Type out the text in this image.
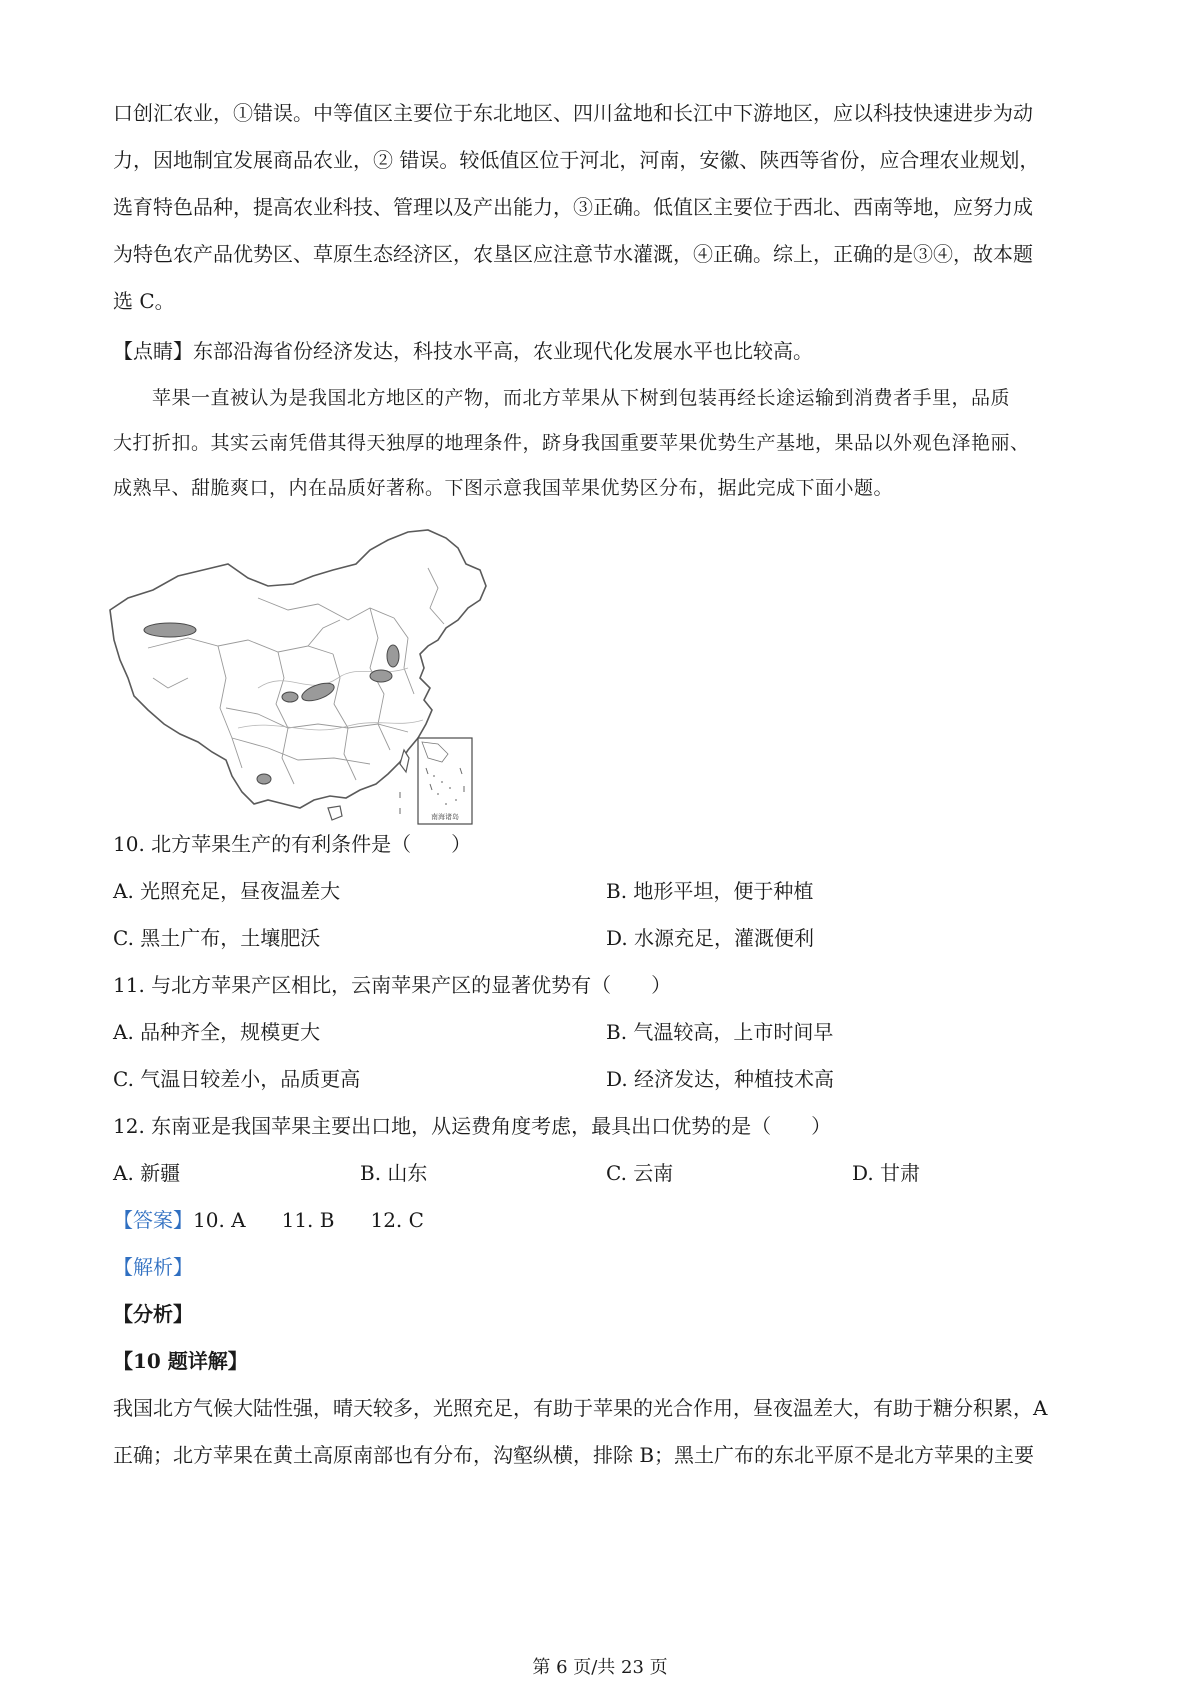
口创汇农业，①错误。中等值区主要位于东北地区、四川盆地和长江中下游地区，应以科技快速进步为动
力，因地制宜发展商品农业，② 错误。较低值区位于河北，河南，安徽、陕西等省份，应合理农业规划，
选育特色品种，提高农业科技、管理以及产出能力，③正确。低值区主要位于西北、西南等地，应努力成
为特色农产品优势区、草原生态经济区，农垦区应注意节水灌溉，④正确。综上，正确的是③④，故本题
选 C。
【点睛】东部沿海省份经济发达，科技水平高，农业现代化发展水平也比较高。
　　苹果一直被认为是我国北方地区的产物，而北方苹果从下树到包装再经长途运输到消费者手里，品质
大打折扣。其实云南凭借其得天独厚的地理条件，跻身我国重要苹果优势生产基地，果品以外观色泽艳丽、
成熟早、甜脆爽口，内在品质好著称。下图示意我国苹果优势区分布，据此完成下面小题。
南海诸岛
10. 北方苹果生产的有利条件是（　　）
A. 光照充足，昼夜温差大	B. 地形平坦，便于种植
C. 黑土广布，土壤肥沃	D. 水源充足，灌溉便利
11. 与北方苹果产区相比，云南苹果产区的显著优势有（　　）
A. 品种齐全，规模更大	B. 气温较高，上市时间早
C. 气温日较差小，品质更高	D. 经济发达，种植技术高
12. 东南亚是我国苹果主要出口地，从运费角度考虑，最具出口优势的是（　　）
A. 新疆	B. 山东	C. 云南	D. 甘肃
【答案】10. A 11. B 12. C
【解析】
【分析】
【10 题详解】
我国北方气候大陆性强，晴天较多，光照充足，有助于苹果的光合作用，昼夜温差大，有助于糖分积累，A
正确；北方苹果在黄土高原南部也有分布，沟壑纵横，排除 B；黑土广布的东北平原不是北方苹果的主要
第 6 页/共 23 页
